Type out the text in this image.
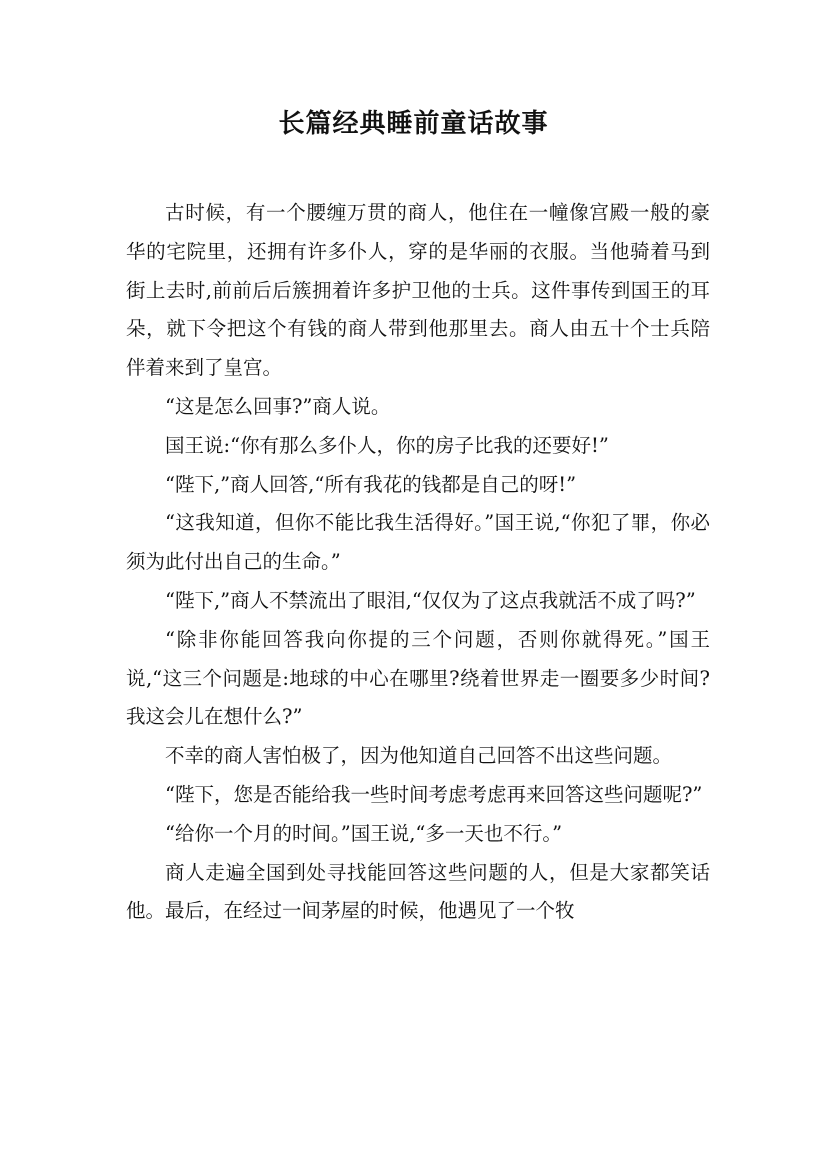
长篇经典睡前童话故事

古时候，有一个腰缠万贯的商人，他住在一幢像宫殿一般的豪华的宅院里，还拥有许多仆人，穿的是华丽的衣服。当他骑着马到街上去时,前前后后簇拥着许多护卫他的士兵。这件事传到国王的耳朵，就下令把这个有钱的商人带到他那里去。商人由五十个士兵陪伴着来到了皇宫。

“这是怎么回事?”商人说。

国王说:“你有那么多仆人，你的房子比我的还要好!”

“陛下,”商人回答,“所有我花的钱都是自己的呀!”

“这我知道，但你不能比我生活得好。”国王说,“你犯了罪，你必须为此付出自己的生命。”

“陛下,”商人不禁流出了眼泪,“仅仅为了这点我就活不成了吗?”

“除非你能回答我向你提的三个问题，否则你就得死。”国王说,“这三个问题是:地球的中心在哪里?绕着世界走一圈要多少时间?我这会儿在想什么?”

不幸的商人害怕极了，因为他知道自己回答不出这些问题。

“陛下，您是否能给我一些时间考虑考虑再来回答这些问题呢?”

“给你一个月的时间。”国王说,“多一天也不行。”

商人走遍全国到处寻找能回答这些问题的人，但是大家都笑话他。最后，在经过一间茅屋的时候，他遇见了一个牧
